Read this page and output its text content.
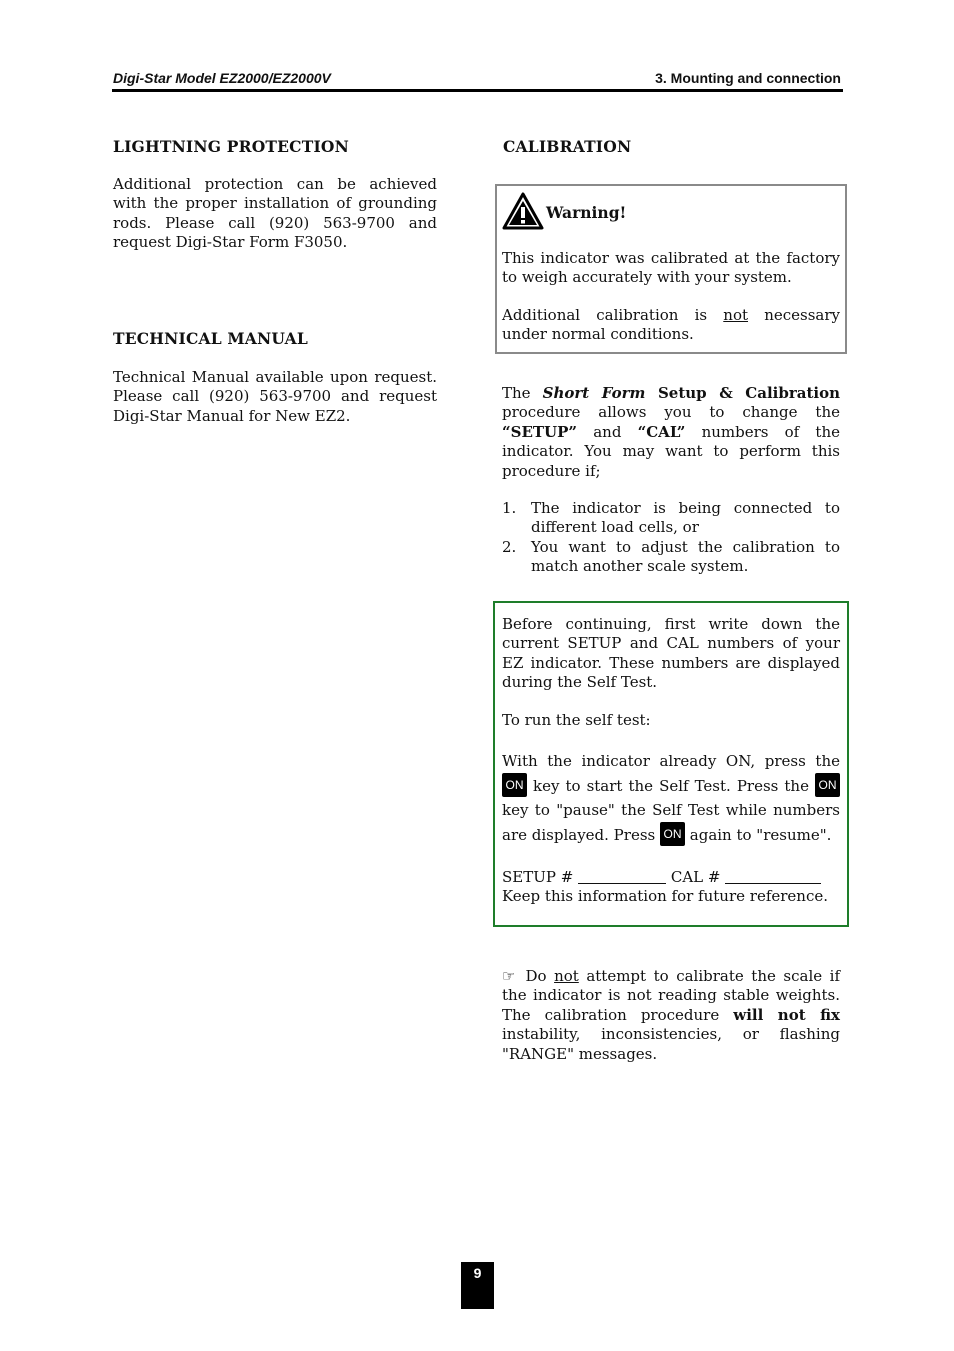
Digi-Star Model EZ2000/EZ2000V	3. Mounting and connection
LIGHTNING PROTECTION
Additional protection can be achieved with the proper installation of grounding rods. Please call (920) 563-9700 and request Digi-Star Form F3050.
TECHNICAL MANUAL
Technical Manual available upon request. Please call (920) 563-9700 and request Digi-Star Manual for New EZ2.
CALIBRATION
Warning!
This indicator was calibrated at the factory to weigh accurately with your system.
Additional calibration is not necessary under normal conditions.
The Short Form Setup & Calibration procedure allows you to change the “SETUP” and “CAL” numbers of the indicator. You may want to perform this procedure if;
1. The indicator is being connected to different load cells, or
2. You want to adjust the calibration to match another scale system.
Before continuing, first write down the current SETUP and CAL numbers of your EZ indicator. These numbers are displayed during the Self Test.
To run the self test:
With the indicator already ON, press the ON key to start the Self Test. Press the ON key to "pause" the Self Test while numbers are displayed. Press ON again to "resume".
SETUP #	CAL #
Keep this information for future reference.
☞ Do not attempt to calibrate the scale if the indicator is not reading stable weights. The calibration procedure will not fix instability, inconsistencies, or flashing "RANGE" messages.
9
